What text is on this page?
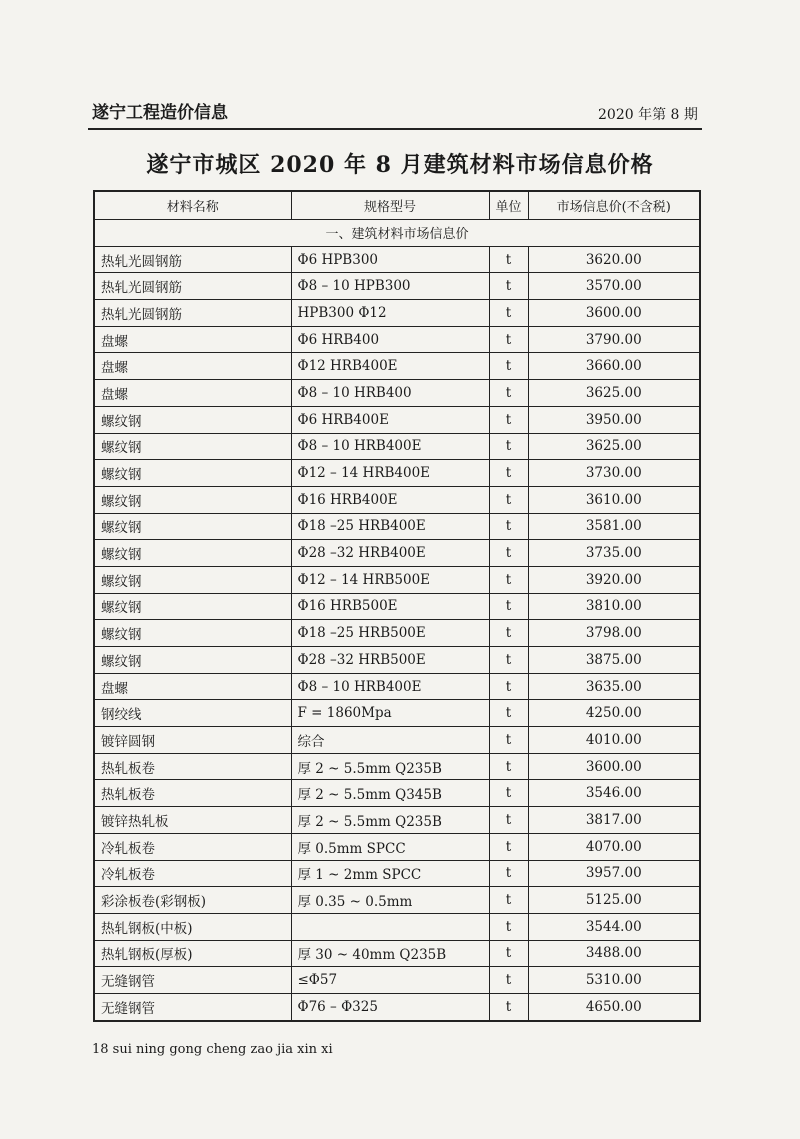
遂宁工程造价信息	2020 年第 8 期
遂宁市城区 2020 年 8 月建筑材料市场信息价格
材料名称	规格型号	单位	市场信息价(不含税)
一、建筑材料市场信息价			
热轧光圆钢筋	Φ6 HPB300	t	3620.00
热轧光圆钢筋	Φ8 – 10 HPB300	t	3570.00
热轧光圆钢筋	HPB300 Φ12	t	3600.00
盘螺	Φ6 HRB400	t	3790.00
盘螺	Φ12 HRB400E	t	3660.00
盘螺	Φ8 – 10 HRB400	t	3625.00
螺纹钢	Φ6 HRB400E	t	3950.00
螺纹钢	Φ8 – 10 HRB400E	t	3625.00
螺纹钢	Φ12 – 14 HRB400E	t	3730.00
螺纹钢	Φ16 HRB400E	t	3610.00
螺纹钢	Φ18 –25 HRB400E	t	3581.00
螺纹钢	Φ28 –32 HRB400E	t	3735.00
螺纹钢	Φ12 – 14 HRB500E	t	3920.00
螺纹钢	Φ16 HRB500E	t	3810.00
螺纹钢	Φ18 –25 HRB500E	t	3798.00
螺纹钢	Φ28 –32 HRB500E	t	3875.00
盘螺	Φ8 – 10 HRB400E	t	3635.00
钢绞线	F = 1860Mpa	t	4250.00
镀锌圆钢	综合	t	4010.00
热轧板卷	厚 2 ~ 5.5mm Q235B	t	3600.00
热轧板卷	厚 2 ~ 5.5mm Q345B	t	3546.00
镀锌热轧板	厚 2 ~ 5.5mm Q235B	t	3817.00
冷轧板卷	厚 0.5mm SPCC	t	4070.00
冷轧板卷	厚 1 ~ 2mm SPCC	t	3957.00
彩涂板卷(彩钢板)	厚 0.35 ~ 0.5mm	t	5125.00
热轧钢板(中板)		t	3544.00
热轧钢板(厚板)	厚 30 ~ 40mm Q235B	t	3488.00
无缝钢管	≤Φ57	t	5310.00
无缝钢管	Φ76 – Φ325	t	4650.00
18 sui ning gong cheng zao jia xin xi
